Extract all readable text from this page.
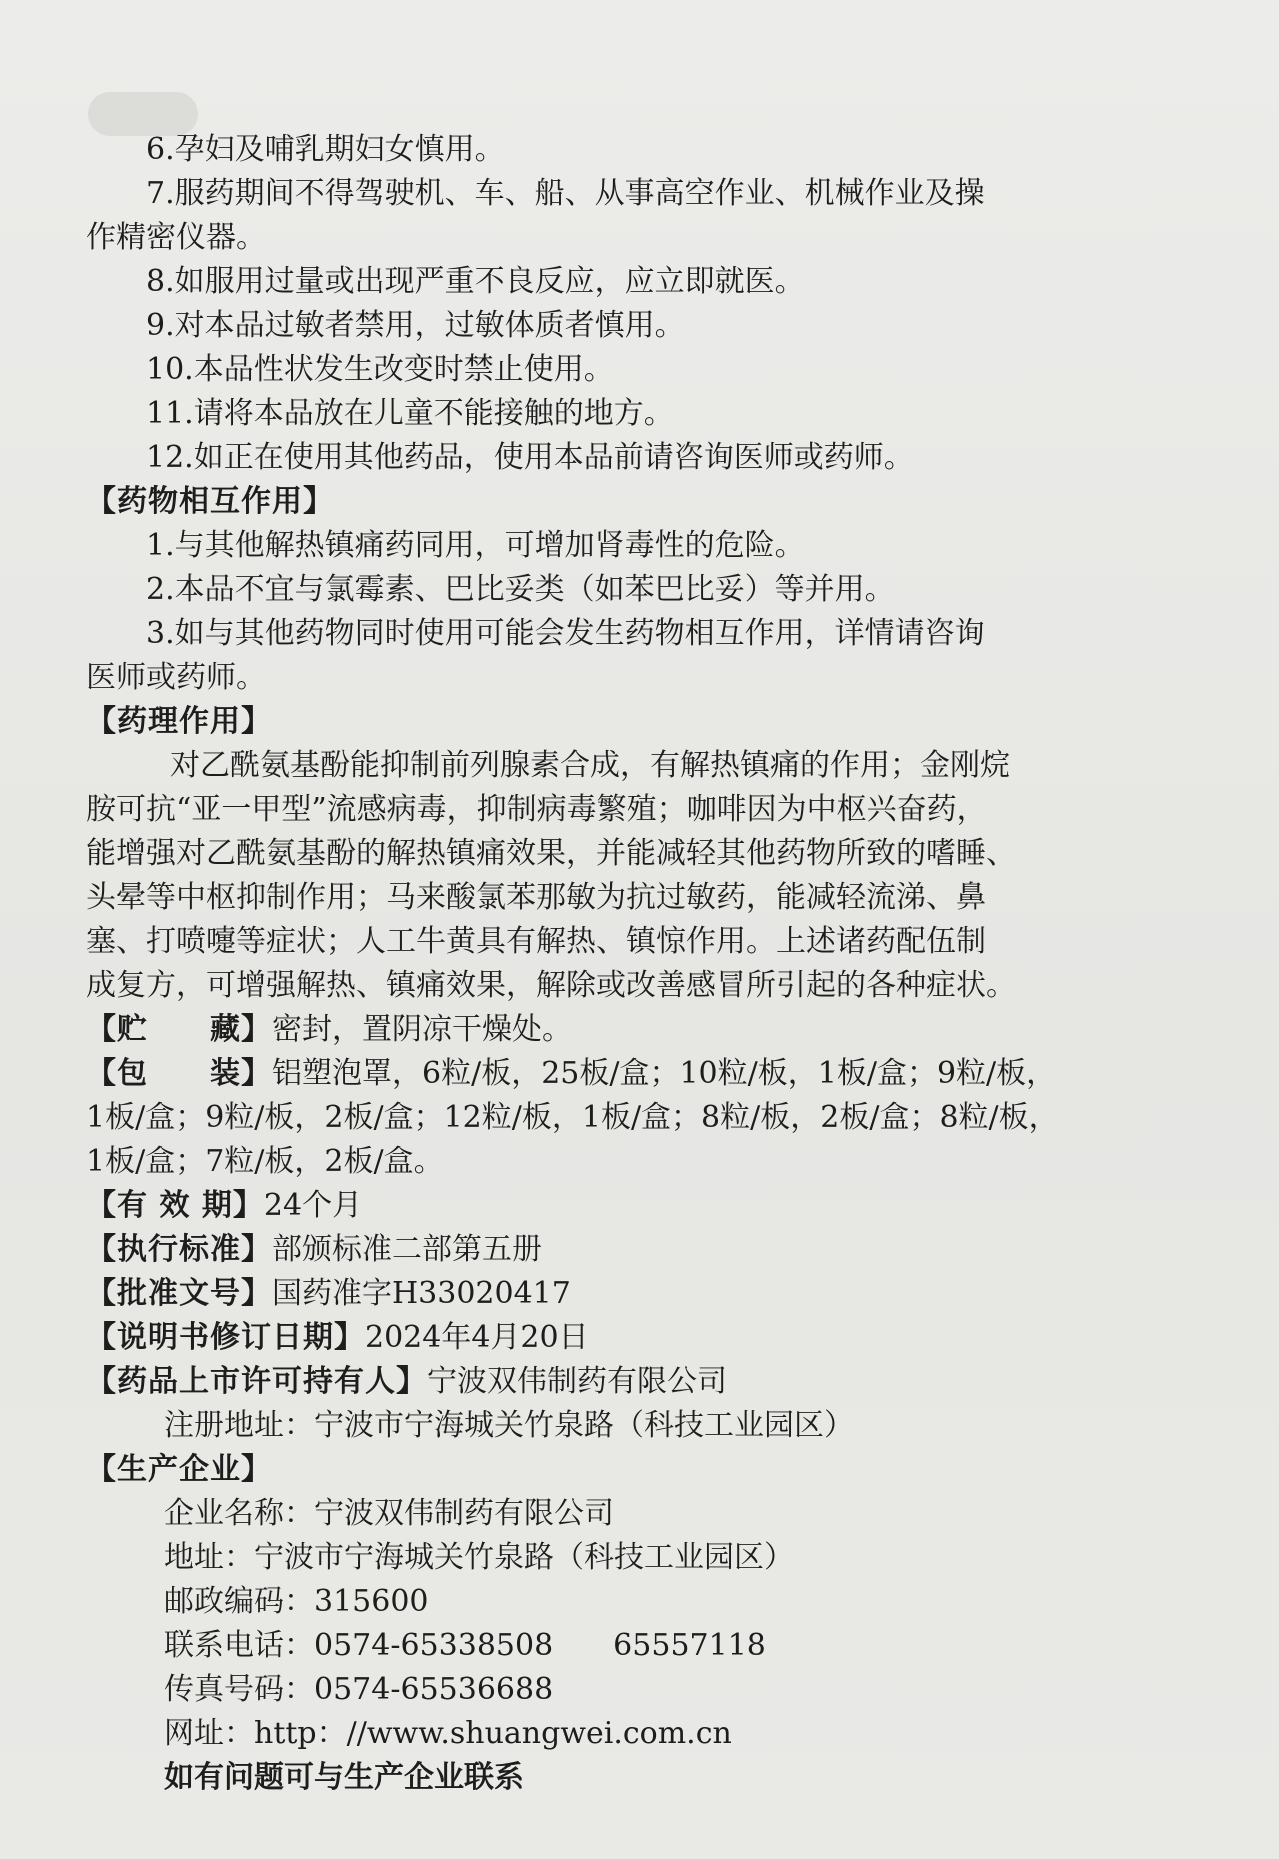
6.孕妇及哺乳期妇女慎用。
7.服药期间不得驾驶机、车、船、从事高空作业、机械作业及操
作精密仪器。
8.如服用过量或出现严重不良反应，应立即就医。
9.对本品过敏者禁用，过敏体质者慎用。
10.本品性状发生改变时禁止使用。
11.请将本品放在儿童不能接触的地方。
12.如正在使用其他药品，使用本品前请咨询医师或药师。
【药物相互作用】
1.与其他解热镇痛药同用，可增加肾毒性的危险。
2.本品不宜与氯霉素、巴比妥类（如苯巴比妥）等并用。
3.如与其他药物同时使用可能会发生药物相互作用，详情请咨询
医师或药师。
【药理作用】
对乙酰氨基酚能抑制前列腺素合成，有解热镇痛的作用；金刚烷
胺可抗“亚一甲型”流感病毒，抑制病毒繁殖；咖啡因为中枢兴奋药，
能增强对乙酰氨基酚的解热镇痛效果，并能减轻其他药物所致的嗜睡、
头晕等中枢抑制作用；马来酸氯苯那敏为抗过敏药，能减轻流涕、鼻
塞、打喷嚏等症状；人工牛黄具有解热、镇惊作用。上述诸药配伍制
成复方，可增强解热、镇痛效果，解除或改善感冒所引起的各种症状。
【贮　　藏】密封，置阴凉干燥处。
【包　　装】铝塑泡罩，6粒/板，25板/盒；10粒/板，1板/盒；9粒/板，
1板/盒；9粒/板，2板/盒；12粒/板，1板/盒；8粒/板，2板/盒；8粒/板，
1板/盒；7粒/板，2板/盒。
【有 效 期】24个月
【执行标准】部颁标准二部第五册
【批准文号】国药准字H33020417
【说明书修订日期】2024年4月20日
【药品上市许可持有人】宁波双伟制药有限公司
注册地址：宁波市宁海城关竹泉路（科技工业园区）
【生产企业】
企业名称：宁波双伟制药有限公司
地址：宁波市宁海城关竹泉路（科技工业园区）
邮政编码：315600
联系电话：0574-65338508　　65557118
传真号码：0574-65536688
网址：http：//www.shuangwei.com.cn
如有问题可与生产企业联系
